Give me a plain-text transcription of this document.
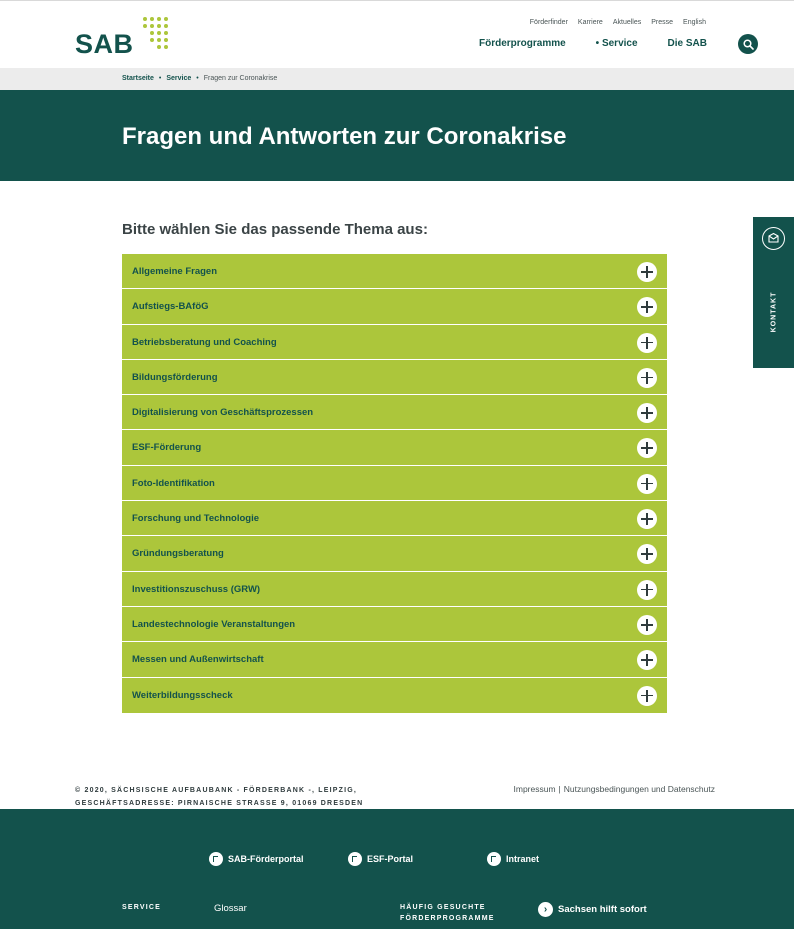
SAB
Förderfinder Karriere Aktuelles Presse English
Förderprogramme	• Service	Die SAB
Startseite • Service • Fragen zur Coronakrise
Fragen und Antworten zur Coronakrise
Bitte wählen Sie das passende Thema aus:
Allgemeine Fragen
Aufstiegs-BAföG
Betriebsberatung und Coaching
Bildungsförderung
Digitalisierung von Geschäftsprozessen
ESF-Förderung
Foto-Identifikation
Forschung und Technologie
Gründungsberatung
Investitionszuschuss (GRW)
Landestechnologie Veranstaltungen
Messen und Außenwirtschaft
Weiterbildungsscheck
KONTAKT
© 2020, SÄCHSISCHE AUFBAUBANK - FÖRDERBANK -, LEIPZIG,
GESCHÄFTSADRESSE: PIRNAISCHE STRASSE 9, 01069 DRESDEN
Impressum | Nutzungsbedingungen und Datenschutz
SAB-Förderportal	ESF-Portal	Intranet
SERVICE	Glossar	HÄUFIG GESUCHTE
FÖRDERPROGRAMME
›	Sachsen hilft sofort
